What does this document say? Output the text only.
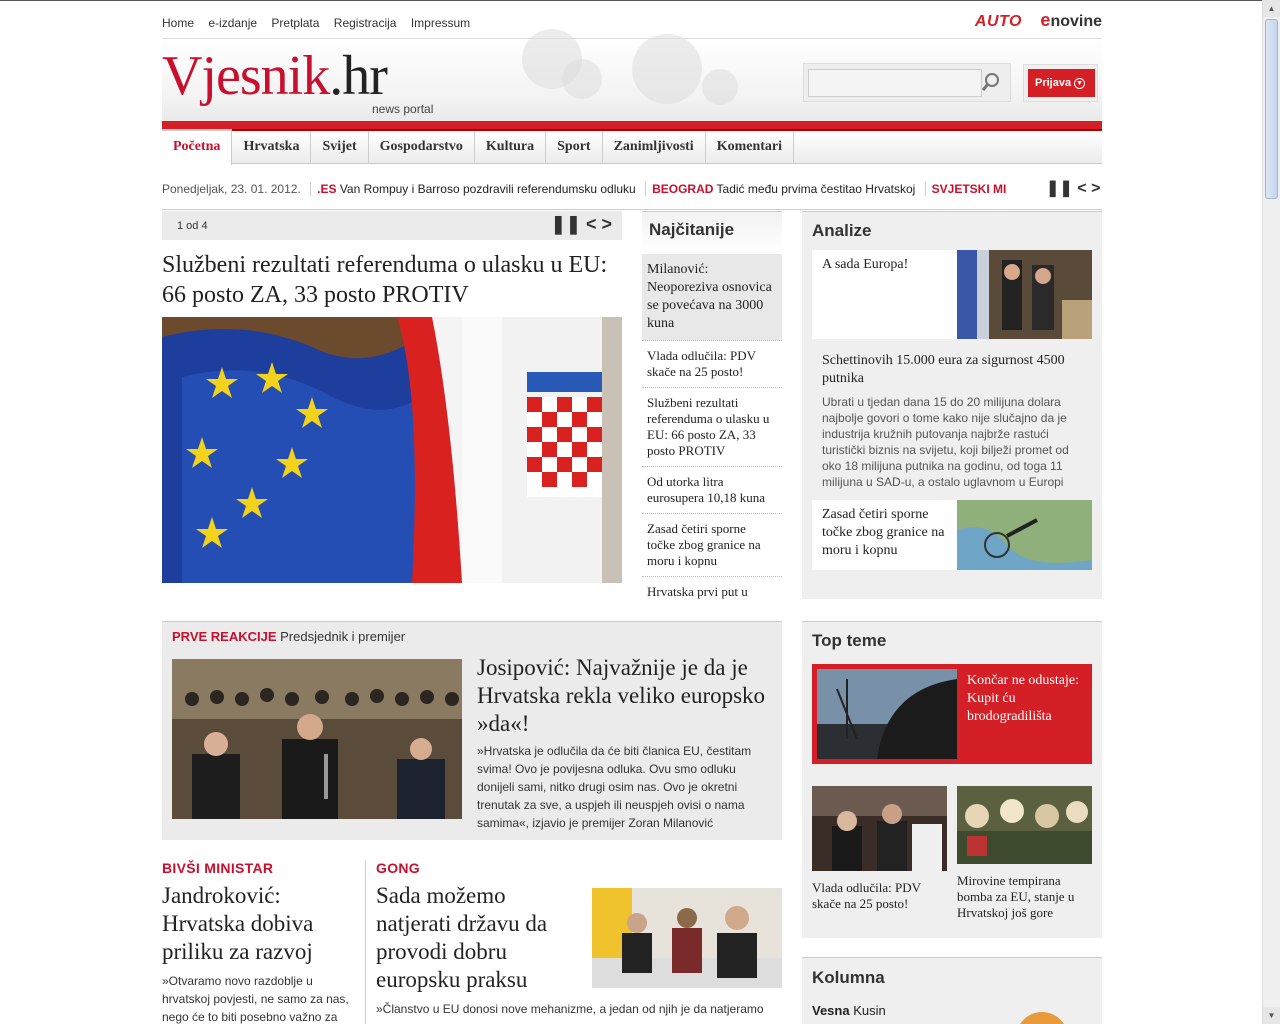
Home e-izdanje Pretplata Registracija Impressum	AUTO enovine
Vjesnik.hr
news portal
Prijava ▼
Početna	Hrvatska	Svijet	Gospodarstvo	Kultura	Sport	Zanimljivosti	Komentari
Ponedjeljak, 23. 01. 2012. .ES Van Rompuy i Barroso pozdravili referendumsku odluku BEOGRAD Tadić među prvima čestitao Hrvatskoj SVJETSKI MI	❚❚ < >
1 od 4	❚❚ < >
Službeni rezultati referenduma o ulasku u EU: 66 posto ZA, 33 posto PROTIV
Najčitanije
Milanović: Neoporeziva osnovica se povećava na 3000 kuna
Vlada odlučila: PDV skače na 25 posto!
Službeni rezultati referenduma o ulasku u EU: 66 posto ZA, 33 posto PROTIV
Od utorka litra eurosupera 10,18 kuna
Zasad četiri sporne točke zbog granice na moru i kopnu
Hrvatska prvi put u
Analize
A sada Europa!
Schettinovih 15.000 eura za sigurnost 4500 putnika
Ubrati u tjedan dana 15 do 20 milijuna dolara najbolje govori o tome kako nije slučajno da je industrija kružnih putovanja najbrže rastući turistički biznis na svijetu, koji bilježi promet od oko 18 milijuna putnika na godinu, od toga 11 milijuna u SAD-u, a ostalo uglavnom u Europi
Zasad četiri sporne točke zbog granice na moru i kopnu
PRVE REAKCIJE Predsjednik i premijer
Josipović: Najvažnije je da je Hrvatska rekla veliko europsko »da«!
»Hrvatska je odlučila da će biti članica EU, čestitam svima! Ovo je povijesna odluka. Ovu smo odluku donijeli sami, nitko drugi osim nas. Ovo je okretni trenutak za sve, a uspjeh ili neuspjeh ovisi o nama samima«, izjavio je premijer Zoran Milanović
BIVŠI MINISTAR
Jandroković: Hrvatska dobiva priliku za razvoj
»Otvaramo novo razdoblje u hrvatskoj povjesti, ne samo za nas, nego će to biti posebno važno za
GONG
Sada možemo natjerati državu da provodi dobru europsku praksu
»Članstvo u EU donosi nove mehanizme, a jedan od njih je da natjeramo
Top teme
Končar ne odustaje: Kupit ću brodogradilišta
Vlada odlučila: PDV skače na 25 posto!
Mirovine tempirana bomba za EU, stanje u Hrvatskoj još gore
Kolumna
Vesna Kusin
▲
▼
